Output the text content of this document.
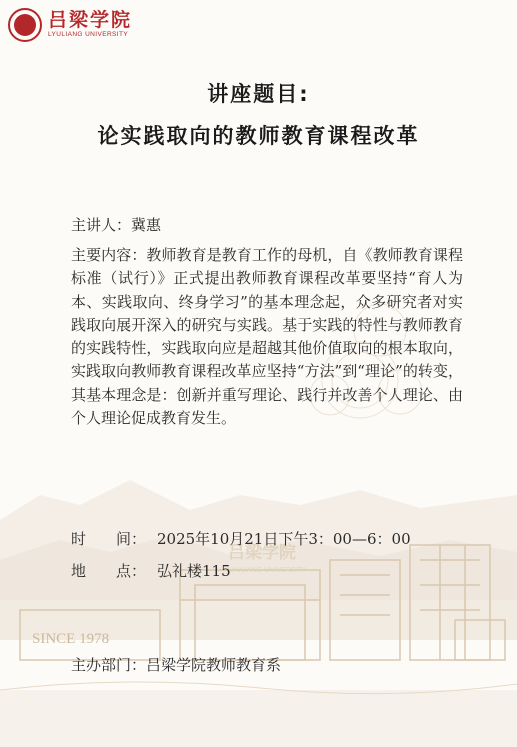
SINCE 1978
吕梁学院
LYULIANG UNIVERSITY
吕梁学院
LYULIANG UNIVERSITY
讲座题目:
论实践取向的教师教育课程改革
主讲人：冀惠
主要内容：教师教育是教育工作的母机，自《教师教育课程标准（试行）》正式提出教师教育课程改革要坚持“育人为本、实践取向、终身学习”的基本理念起，众多研究者对实践取向展开深入的研究与实践。基于实践的特性与教师教育的实践特性，实践取向应是超越其他价值取向的根本取向，实践取向教师教育课程改革应坚持“方法”到“理论”的转变，其基本理念是：创新并重写理论、践行并改善个人理论、由个人理论促成教育发生。
时　　间： 2025年10月21日下午3：00—6：00
地　　点： 弘礼楼115
主办部门：吕梁学院教师教育系
